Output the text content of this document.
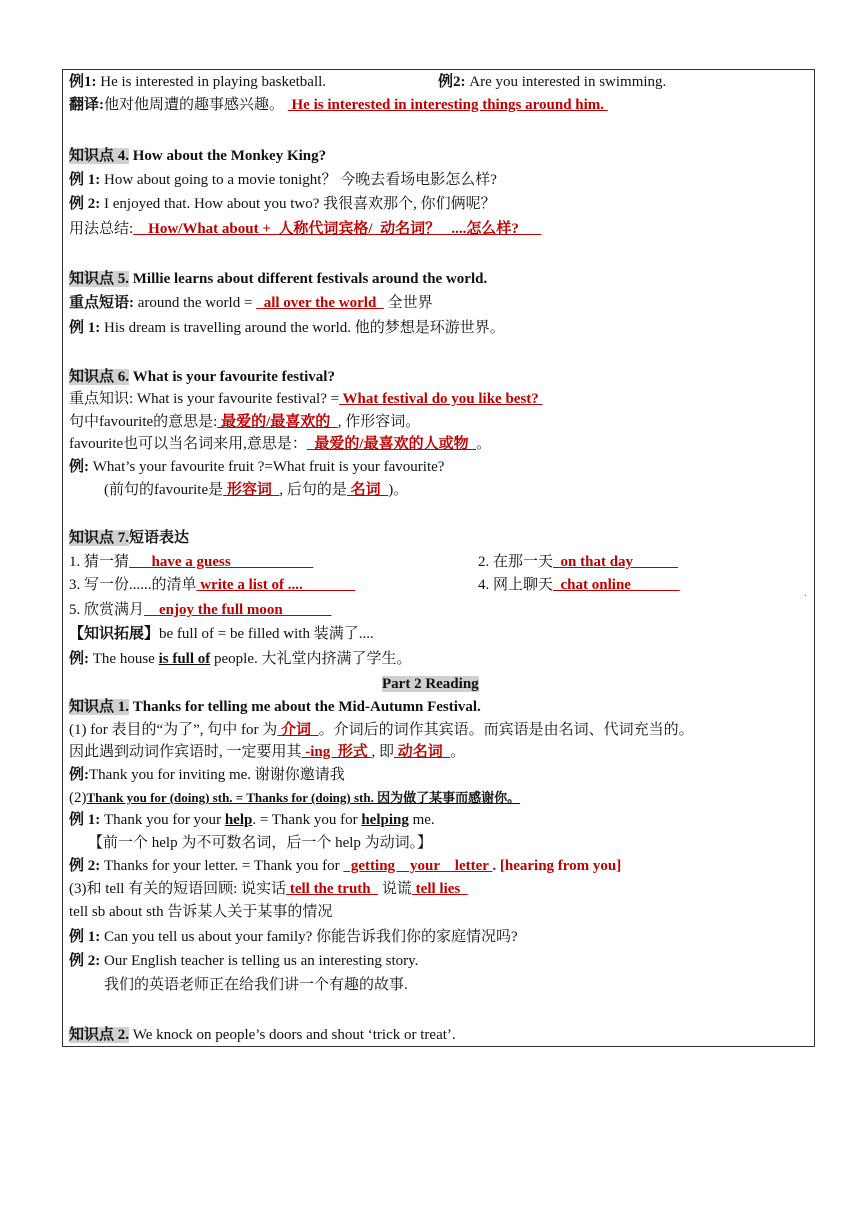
例1: He is interested in playing basketball.	例2: Are you interested in swimming.
翻译:他对他周遭的趣事感兴趣。  He is interested in interesting things around him.
知识点 4. How about the Monkey King?
例 1: How about going to a movie tonight？ 今晚去看场电影怎么样?
例 2: I enjoyed that. How about you two? 我很喜欢那个, 你们俩呢？
用法总结:    How/What about +  人称代词宾格/  动名词？   ....怎么样?
知识点 5. Millie learns about different festivals around the world.
重点短语: around the world =   all over the world   全世界
例 1: His dream is travelling around the world. 他的梦想是环游世界。
知识点 6. What is your favourite festival?
重点知识: What is your favourite festival? = What festival do you like best?
句中favourite的意思是: 最爱的/最喜欢的  , 作形容词。
favourite也可以当名词来用,意思是：  最爱的/最喜欢的人或物  。
例: What’s your favourite fruit ?=What fruit is your favourite?
(前句的favourite是 形容词  , 后句的是 名词  )。
知识点 7.短语表达
1. 猜一猜      have a guess	2. 在那一天  on that day
3. 写一份......的清单 write a list of ....	4. 网上聊天  chat online
.
5. 欣赏满月    enjoy the full moon
【知识拓展】be full of = be filled with 装满了....
例: The house is full of people. 大礼堂内挤满了学生。
Part 2 Reading
知识点 1. Thanks for telling me about the Mid-Autumn Festival.
(1) for 表目的“为了”, 句中 for 为 介词  。介词后的词作其宾语。而宾语是由名词、代词充当的。
因此遇到动词作宾语时, 一定要用其 -ing  形式 , 即 动名词  。
例:Thank you for inviting me. 谢谢你邀请我
(2)Thank you for (doing) sth. = Thanks for (doing) sth. 因为做了某事而感谢你。
例 1: Thank you for your help. = Thank you for helping me.
【前一个 help 为不可数名词，后一个 help 为动词。】
例 2: Thanks for your letter. = Thank you for   getting    your    letter . [hearing from you]
(3)和 tell 有关的短语回顾: 说实话 tell the truth   说谎 tell lies
tell sb about sth 告诉某人关于某事的情况
例 1: Can you tell us about your family? 你能告诉我们你的家庭情况吗?
例 2: Our English teacher is telling us an interesting story.
我们的英语老师正在给我们讲一个有趣的故事.
知识点 2. We knock on people’s doors and shout ‘trick or treat’.
